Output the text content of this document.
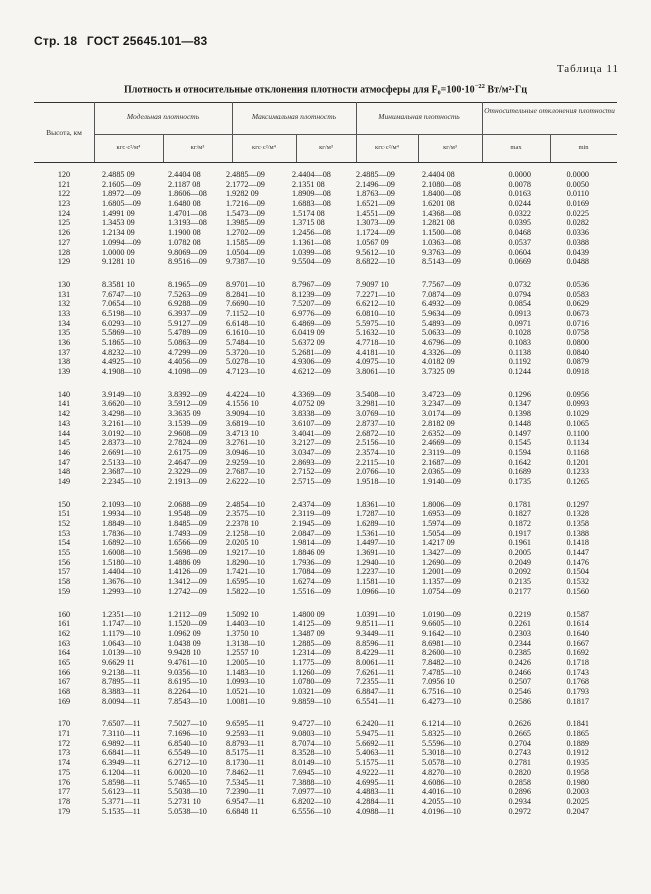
Стр. 18 ГОСТ 25645.101—83
Таблица 11
Плотность и относительные отклонения плотности атмосферы для $F_0=100\cdot 10^{-22}$ Вт/м²·Гц
Высота, км
Модельная плотность	Максимальная плотность	Минимальная плотность
Относительные отклонения плотности
кгс·с²/м⁴	кг/м³	кгс·с²/м⁴	кг/м³	кгс·с²/м⁴	кг/м³	max	min
120	2.4885 09	2.4404 08	2.4885—09	2.4404—08	2.4885—09	2.4404 08	0.0000	0.0000
121	2.1605—09	2.1187 08	2.1772—09	2.1351 08	2.1496—09	2.1080—08	0.0078	0.0050
122	1.8972—09	1.8606—08	1.9282 09	1.8909—08	1.8763—09	1.8400—08	0.0163	0.0110
123	1.6805—09	1.6480 08	1.7216—09	1.6883—08	1.6521—09	1.6201 08	0.0244	0.0169
124	1.4991 09	1.4701—08	1.5473—09	1.5174 08	1.4551—09	1.4368—08	0.0322	0.0225
125	1.3453 09	1.3193—08	1.3985—09	1.3715 08	1.3073—09	1.2821 08	0.0395	0.0282
126	1.2134 09	1.1900 08	1.2702—09	1.2456—08	1.1724—09	1.1500—08	0.0468	0.0336
127	1.0994—09	1.0782 08	1.1585—09	1.1361—08	1.0567 09	1.0363—08	0.0537	0.0388
128	1.0000 09	9.8069—09	1.0504—09	1.0399—08	9.5612—10	9.3763—09	0.0604	0.0439
129	9.1281 10	8.9516—09	9.7387—10	9.5504—09	8.6822—10	8.5143—09	0.0669	0.0488
130	8.3581 10	8.1965—09	8.9701—10	8.7967—09	7.9097 10	7.7567—09	0.0732	0.0536
131	7.6747—10	7.5263—09	8.2841—10	8.1239—09	7.2271—10	7.0874—09	0.0794	0.0583
132	7.0654—10	6.9288—09	7.6690—10	7.5207—09	6.6212—10	6.4932—09	0.0854	0.0629
133	6.5198—10	6.3937—09	7.1152—10	6.9776—09	6.0810—10	5.9634—09	0.0913	0.0673
134	6.0293—10	5.9127—09	6.6148—10	6.4869—09	5.5975—10	5.4893—09	0.0971	0.0716
135	5.5869—10	5.4789—09	6.1610—10	6.0419 09	5.1632—10	5.0633—09	0.1028	0.0758
136	5.1865—10	5.0863—09	5.7484—10	5.6372 09	4.7718—10	4.6796—09	0.1083	0.0800
137	4.8232—10	4.7299—09	5.3720—10	5.2681—09	4.4181—10	4.3326—09	0.1138	0.0840
138	4.4925—10	4.4056—09	5.0278—10	4.9306—09	4.0975—10	4.0182 09	0.1192	0.0879
139	4.1908—10	4.1098—09	4.7123—10	4.6212—09	3.8061—10	3.7325 09	0.1244	0.0918
140	3.9149—10	3.8392—09	4.4224—10	4.3369—09	3.5408—10	3.4723—09	0.1296	0.0956
141	3.6620—10	3.5912—09	4.1556 10	4.0752 09	3.2981—10	3.2347—09	0.1347	0.0993
142	3.4298—10	3.3635 09	3.9094—10	3.8338—09	3.0769—10	3.0174—09	0.1398	0.1029
143	3.2161—10	3.1539—09	3.6819—10	3.6107—09	2.8737—10	2.8182 09	0.1448	0.1065
144	3.0192—10	2.9608—09	3.4713 10	3.4041—09	2.6872—10	2.6352—09	0.1497	0.1100
145	2.8373—10	2.7824—09	3.2761—10	3.2127—09	2.5156—10	2.4669—09	0.1545	0.1134
146	2.6691—10	2.6175—09	3.0946—10	3.0347—09	2.3574—10	2.3119—09	0.1594	0.1168
147	2.5133—10	2.4647—09	2.9259—10	2.8693—09	2.2115—10	2.1687—09	0.1642	0.1201
148	2.3687—10	2.3229—09	2.7687—10	2.7152—09	2.0766—10	2.0365—09	0.1689	0.1233
149	2.2345—10	2.1913—09	2.6222—10	2.5715—09	1.9518—10	1.9140—09	0.1735	0.1265
150	2.1093—10	2.0688—09	2.4854—10	2.4374—09	1.8361—10	1.8006—09	0.1781	0.1297
151	1.9934—10	1.9548—09	2.3575—10	2.3119—09	1.7287—10	1.6953—09	0.1827	0.1328
152	1.8849—10	1.8485—09	2.2378 10	2.1945—09	1.6289—10	1.5974—09	0.1872	0.1358
153	1.7836—10	1.7493—09	2.1258—10	2.0847—09	1.5361—10	1.5054—09	0.1917	0.1388
154	1.6892—10	1.6566—09	2.0205 10	1.9814—09	1.4497—10	1.4217 09	0.1961	0.1418
155	1.6008—10	1.5698—09	1.9217—10	1.8846 09	1.3691—10	1.3427—09	0.2005	0.1447
156	1.5180—10	1.4886 09	1.8290—10	1.7936—09	1.2940—10	1.2690—09	0.2049	0.1476
157	1.4404—10	1.4126—09	1.7421—10	1.7084—09	1.2237—10	1.2001—09	0.2092	0.1504
158	1.3676—10	1.3412—09	1.6595—10	1.6274—09	1.1581—10	1.1357—09	0.2135	0.1532
159	1.2993—10	1.2742—09	1.5822—10	1.5516—09	1.0966—10	1.0754—09	0.2177	0.1560
160	1.2351—10	1.2112—09	1.5092 10	1.4800 09	1.0391—10	1.0190—09	0.2219	0.1587
161	1.1747—10	1.1520—09	1.4403—10	1.4125—09	9.8511—11	9.6605—10	0.2261	0.1614
162	1.1179—10	1.0962 09	1.3750 10	1.3487 09	9.3449—11	9.1642—10	0.2303	0.1640
163	1.0643—10	1.0438 09	1.3138—10	1.2885—09	8.8596—11	8.6981—10	0.2344	0.1667
164	1.0139—10	9.9428 10	1.2557 10	1.2314—09	8.4229—11	8.2600—10	0.2385	0.1692
165	9.6629 11	9.4761—10	1.2005—10	1.1775—09	8.0061—11	7.8482—10	0.2426	0.1718
166	9.2138—11	9.0356—10	1.1483—10	1.1260—09	7.6261—11	7.4785—10	0.2466	0.1743
167	8.7895—11	8.6195—10	1.0993—10	1.0780—09	7.2355—11	7.0956 10	0.2507	0.1768
168	8.3883—11	8.2264—10	1.0521—10	1.0321—09	6.8847—11	6.7516—10	0.2546	0.1793
169	8.0094—11	7.8543—10	1.0081—10	9.8859—10	6.5541—11	6.4273—10	0.2586	0.1817
170	7.6507—11	7.5027—10	9.6595—11	9.4727—10	6.2420—11	6.1214—10	0.2626	0.1841
171	7.3110—11	7.1696—10	9.2593—11	9.0803—10	5.9475—11	5.8325—10	0.2665	0.1865
172	6.9892—11	6.8540—10	8.8793—11	8.7074—10	5.6692—11	5.5596—10	0.2704	0.1889
173	6.6841—11	6.5549—10	8.5175—11	8.3528—10	5.4063—11	5.3018—10	0.2743	0.1912
174	6.3949—11	6.2712—10	8.1730—11	8.0149—10	5.1575—11	5.0578—10	0.2781	0.1935
175	6.1204—11	6.0020—10	7.8462—11	7.6945—10	4.9222—11	4.8270—10	0.2820	0.1958
176	5.8598—11	5.7465—10	7.5345—11	7.3888—10	4.6995—11	4.6086—10	0.2858	0.1980
177	5.6123—11	5.5038—10	7.2390—11	7.0977—10	4.4883—11	4.4016—10	0.2896	0.2003
178	5.3771—11	5.2731 10	6.9547—11	6.8202—10	4.2884—11	4.2055—10	0.2934	0.2025
179	5.1535—11	5.0538—10	6.6848 11	6.5556—10	4.0988—11	4.0196—10	0.2972	0.2047
